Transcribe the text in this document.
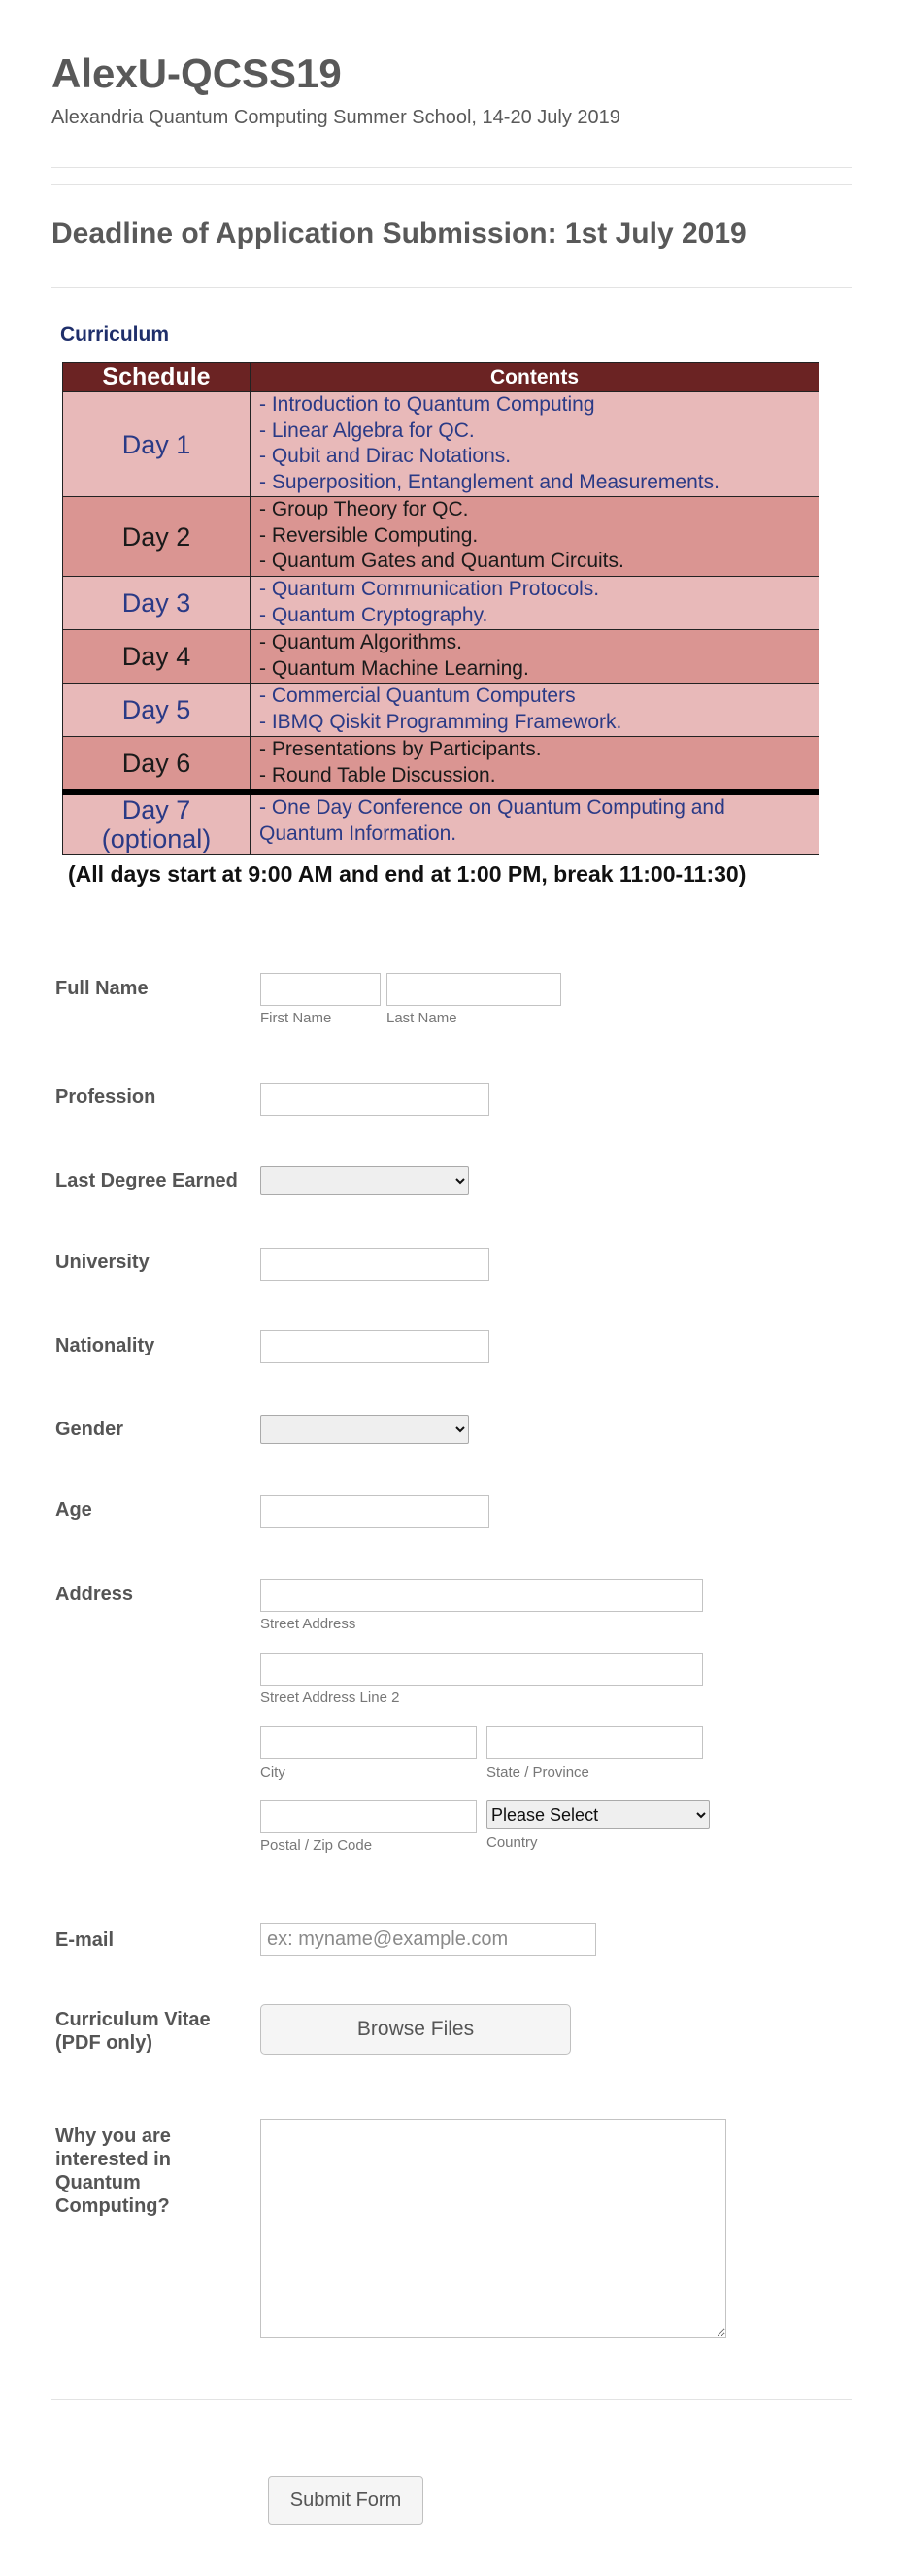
AlexU-QCSS19
Alexandria Quantum Computing Summer School, 14-20 July 2019
Deadline of Application Submission: 1st July 2019
Curriculum
Schedule	Contents
Day 1	- Introduction to Quantum Computing
- Linear Algebra for QC.
- Qubit and Dirac Notations.
- Superposition, Entanglement and Measurements.

Day 2	- Group Theory for QC.
- Reversible Computing.
- Quantum Gates and Quantum Circuits.

Day 3	- Quantum Communication Protocols.
- Quantum Cryptography.

Day 4	- Quantum Algorithms.
- Quantum Machine Learning.

Day 5	- Commercial Quantum Computers
- IBMQ Qiskit Programming Framework.

Day 6	- Presentations by Participants.
- Round Table Discussion.

Day 7
(optional)	- One Day Conference on Quantum Computing and Quantum Information.
(All days start at 9:00 AM and end at 1:00 PM, break 11:00-11:30)
Full Name
First Name	Last Name
Profession
Last Degree Earned
University
Nationality
Gender
Age
Address
Street Address
Street Address Line 2
City	State / Province
Please Select
Postal / Zip Code	Country
E-mail
ex: myname@example.com
Curriculum Vitae
(PDF only)
Browse Files
Why you are
interested in
Quantum
Computing?
Submit Form
